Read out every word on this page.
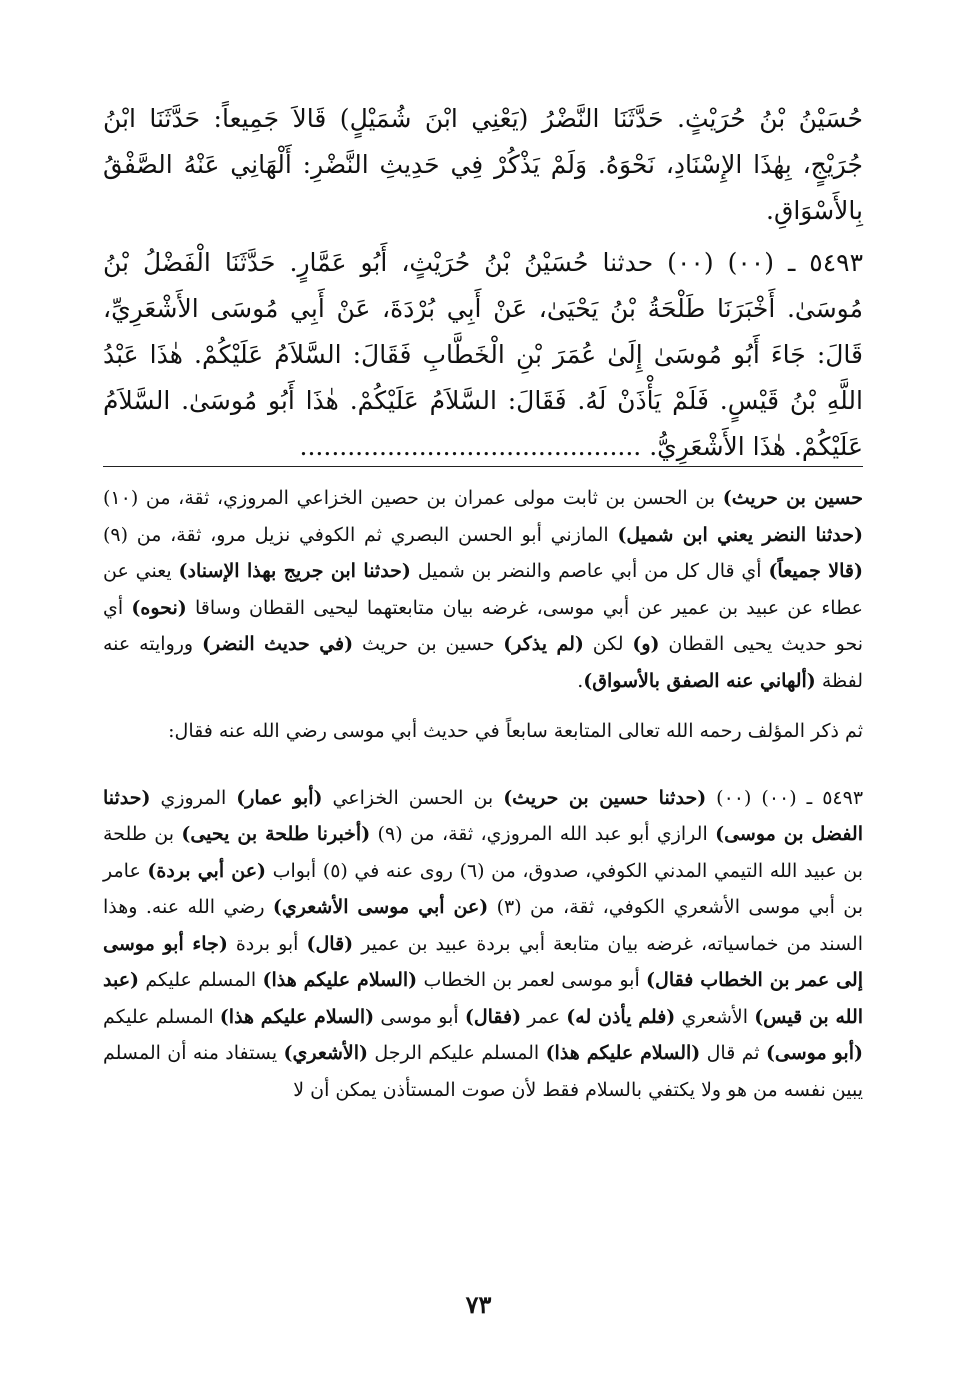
حُسَيْنُ بْنُ حُرَيْثٍ. حَدَّثَنَا النَّضْرُ (يَعْنِي ابْنَ شُمَيْلٍ) قَالاَ جَمِيعاً: حَدَّثَنَا ابْنُ جُرَيْجٍ، بِهٰذَا الإِسْنَادِ، نَحْوَهُ. وَلَمْ يَذْكُرْ فِي حَدِيثِ النَّضْرِ: أَلْهَانِي عَنْهُ الصَّفْقُ بِالأَسْوَاقِ.

٥٤٩٣ ـ (٠٠) (٠٠) حدثنا حُسَيْنُ بْنُ حُرَيْثٍ، أَبُو عَمَّارٍ. حَدَّثَنَا الْفَضْلُ بْنُ مُوسَىٰ. أَخْبَرَنَا طَلْحَةُ بْنُ يَحْيَىٰ، عَنْ أَبِي بُرْدَةَ، عَنْ أَبِي مُوسَى الأَشْعَرِيِّ، قَالَ: جَاءَ أَبُو مُوسَىٰ إِلَىٰ عُمَرَ بْنِ الْخَطَّابِ فَقَالَ: السَّلاَمُ عَلَيْكُمْ. هٰذَا عَبْدُ اللَّهِ بْنُ قَيْسٍ. فَلَمْ يَأْذَنْ لَهُ. فَقَالَ: السَّلاَمُ عَلَيْكُمْ. هٰذَا أَبُو مُوسَىٰ. السَّلاَمُ عَلَيْكُمْ. هٰذَا الأَشْعَرِيُّ. ...........................................

حسين بن حريث) بن الحسن بن ثابت مولى عمران بن حصين الخزاعي المروزي، ثقة، من (١٠) (حدثنا النضر يعني ابن شميل) المازني أبو الحسن البصري ثم الكوفي نزيل مرو، ثقة، من (٩) (قالا جميعاً) أي قال كل من أبي عاصم والنضر بن شميل (حدثنا ابن جريج بهذا الإسناد) يعني عن عطاء عن عبيد بن عمير عن أبي موسى، غرضه بيان متابعتهما ليحيى القطان وساقا (نحوه) أي نحو حديث يحيى القطان (و) لكن (لم يذكر) حسين بن حريث (في حديث النضر) وروايته عنه لفظة (ألهاني عنه الصفق بالأسواق).

ثم ذكر المؤلف رحمه الله تعالى المتابعة سابعاً في حديث أبي موسى رضي الله عنه فقال:

٥٤٩٣ ـ (٠٠) (٠٠) (حدثنا حسين بن حريث) بن الحسن الخزاعي (أبو عمار) المروزي (حدثنا الفضل بن موسى) الرازي أبو عبد الله المروزي، ثقة، من (٩) (أخبرنا طلحة بن يحيى) بن طلحة بن عبيد الله التيمي المدني الكوفي، صدوق، من (٦) روى عنه في (٥) أبواب (عن أبي بردة) عامر بن أبي موسى الأشعري الكوفي، ثقة، من (٣) (عن أبي موسى الأشعري) رضي الله عنه. وهذا السند من خماسياته، غرضه بيان متابعة أبي بردة عبيد بن عمير (قال) أبو بردة (جاء أبو موسى إلى عمر بن الخطاب فقال) أبو موسى لعمر بن الخطاب (السلام عليكم هذا) المسلم عليكم (عبد الله بن قيس) الأشعري (فلم يأذن له) عمر (فقال) أبو موسى (السلام عليكم هذا) المسلم عليكم (أبو موسى) ثم قال (السلام عليكم هذا) المسلم عليكم الرجل (الأشعري) يستفاد منه أن المسلم يبين نفسه من هو ولا يكتفي بالسلام فقط لأن صوت المستأذن يمكن أن لا

٧٣
